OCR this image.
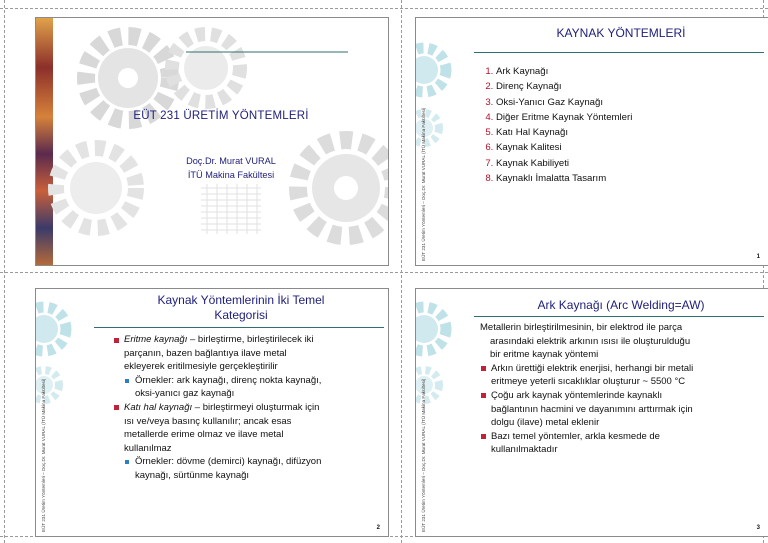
EÜT 231 ÜRETİM YÖNTEMLERİ
Doç.Dr. Murat VURAL
İTÜ Makina Fakültesi	EÜT 231 Üretim Yöntemleri – Doç.Dr. Murat VURAL (İTÜ Makina Fakültesi)
KAYNAK YÖNTEMLERİ
1. Ark Kaynağı
2. Direnç Kaynağı
3. Oksi-Yanıcı Gaz Kaynağı
4. Diğer Eritme Kaynak Yöntemleri
5. Katı Hal Kaynağı
6. Kaynak Kalitesi
7. Kaynak Kabiliyeti
8. Kaynaklı İmalatta Tasarım
1
EÜT 231 Üretim Yöntemleri – Doç.Dr. Murat VURAL (İTÜ Makina Fakültesi)
Kaynak Yöntemlerinin İki Temel
Kategorisi
Eritme kaynağı – birleştirme, birleştirilecek iki
parçanın, bazen bağlantıya ilave metal
ekleyerek eritilmesiyle gerçekleştirilir
Örnekler: ark kaynağı, direnç nokta kaynağı,
oksi-yanıcı gaz kaynağı
Katı hal kaynağı – birleştirmeyi oluşturmak için
ısı ve/veya basınç kullanılır; ancak esas
metallerde erime olmaz ve ilave metal
kullanılmaz
Örnekler: dövme (demirci) kaynağı, difüzyon
kaynağı, sürtünme kaynağı
2	EÜT 231 Üretim Yöntemleri – Doç.Dr. Murat VURAL (İTÜ Makina Fakültesi)
Ark Kaynağı (Arc Welding=AW)
Metallerin birleştirilmesinin, bir elektrod ile parça
arasındaki elektrik arkının ısısı ile oluşturulduğu
bir eritme kaynak yöntemi
Arkın ürettiği elektrik enerjisi, herhangi bir metali
eritmeye yeterli sıcaklıklar oluşturur ~ 5500 °C
Çoğu ark kaynak yöntemlerinde kaynaklı
bağlantının hacmini ve dayanımını arttırmak için
dolgu (ilave) metal eklenir
Bazı temel yöntemler, arkla kesmede de
kullanılmaktadır
3
